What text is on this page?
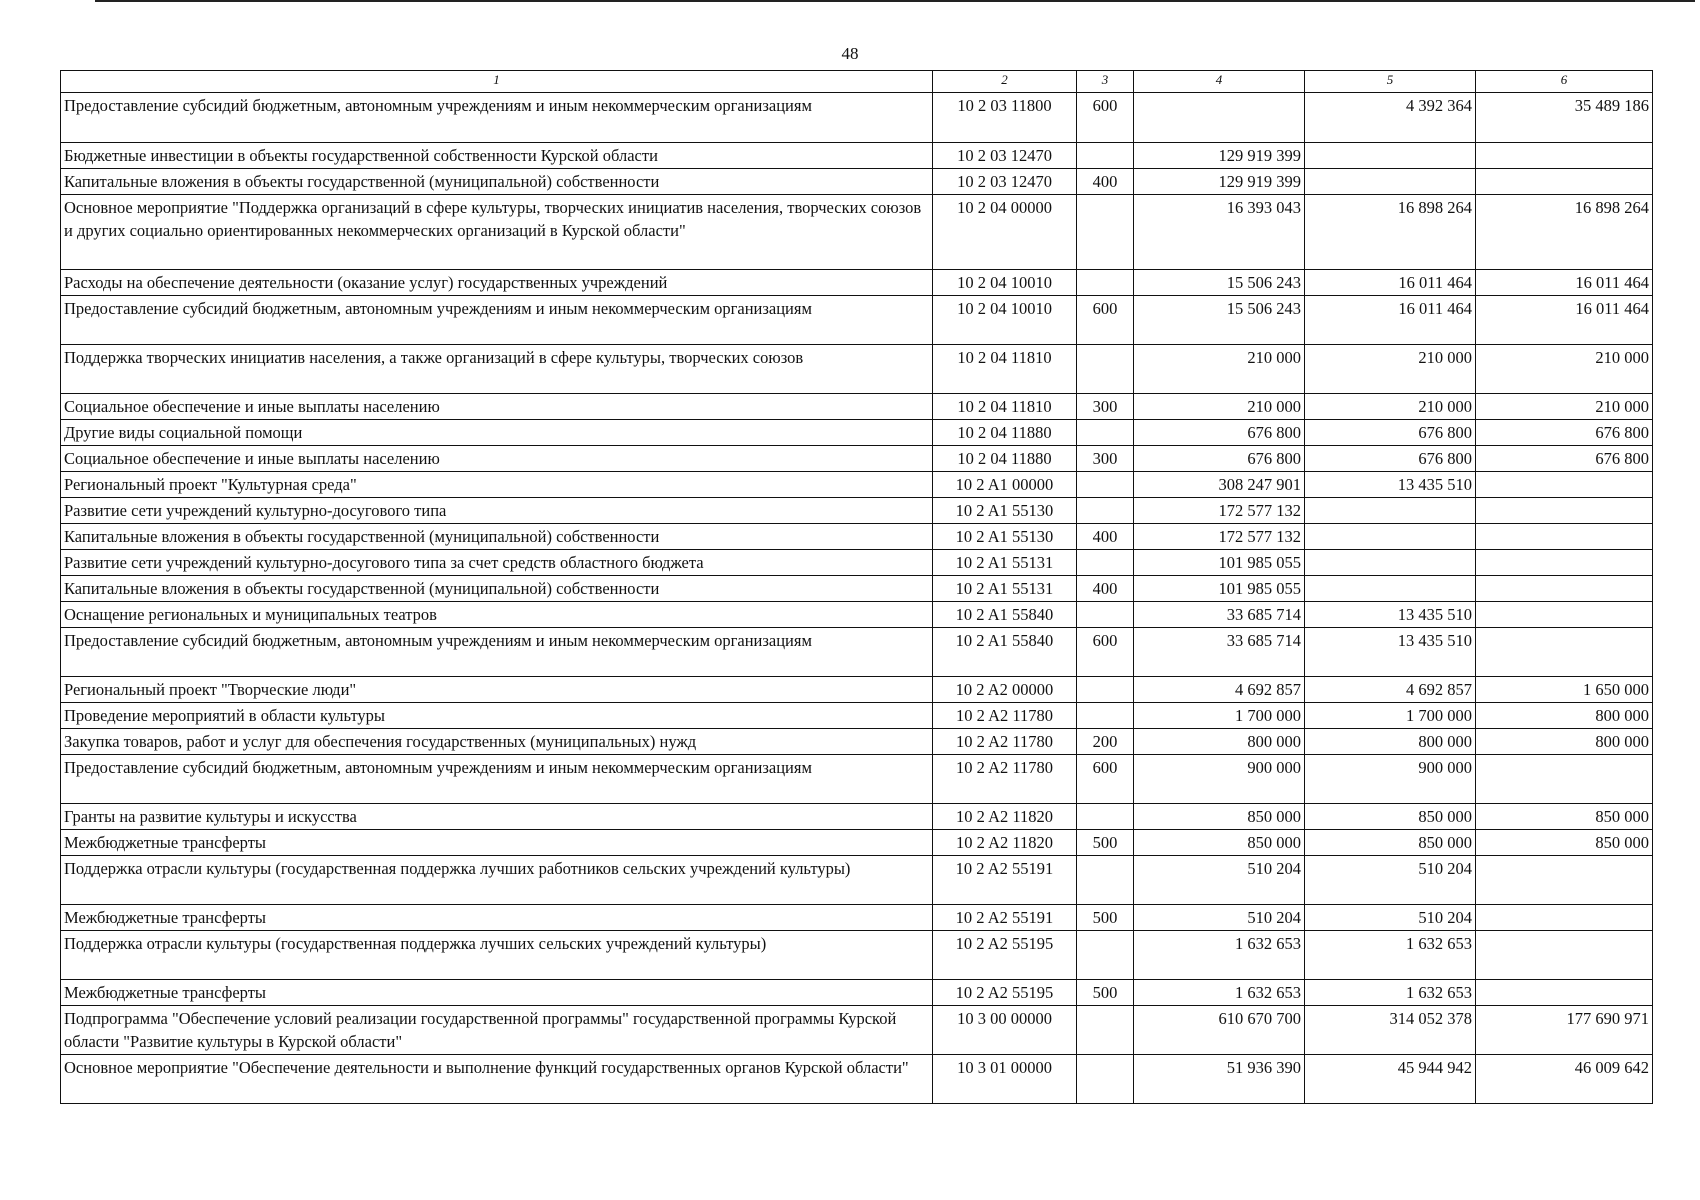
48
1	2	3	4	5	6
Предоставление субсидий бюджетным, автономным учреждениям и иным некоммерческим организациям	10 2 03 11800	600		4 392 364	35 489 186
Бюджетные инвестиции в объекты государственной собственности Курской области	10 2 03 12470		129 919 399		
Капитальные вложения в объекты государственной (муниципальной) собственности	10 2 03 12470	400	129 919 399		
Основное мероприятие "Поддержка организаций в сфере культуры, творческих инициатив населения, творческих союзов и других социально ориентированных некоммерческих организаций в Курской области"	10 2 04 00000		16 393 043	16 898 264	16 898 264
Расходы на обеспечение деятельности (оказание услуг) государственных учреждений	10 2 04 10010		15 506 243	16 011 464	16 011 464
Предоставление субсидий бюджетным, автономным учреждениям и иным некоммерческим организациям	10 2 04 10010	600	15 506 243	16 011 464	16 011 464
Поддержка творческих инициатив населения, а также организаций в сфере культуры, творческих союзов	10 2 04 11810		210 000	210 000	210 000
Социальное обеспечение и иные выплаты населению	10 2 04 11810	300	210 000	210 000	210 000
Другие виды социальной помощи	10 2 04 11880		676 800	676 800	676 800
Социальное обеспечение и иные выплаты населению	10 2 04 11880	300	676 800	676 800	676 800
Региональный проект "Культурная среда"	10 2 A1 00000		308 247 901	13 435 510	
Развитие сети учреждений культурно-досугового типа	10 2 A1 55130		172 577 132		
Капитальные вложения в объекты государственной (муниципальной) собственности	10 2 A1 55130	400	172 577 132		
Развитие сети учреждений культурно-досугового типа за счет средств областного бюджета	10 2 A1 55131		101 985 055		
Капитальные вложения в объекты государственной (муниципальной) собственности	10 2 A1 55131	400	101 985 055		
Оснащение региональных и муниципальных театров	10 2 A1 55840		33 685 714	13 435 510	
Предоставление субсидий бюджетным, автономным учреждениям и иным некоммерческим организациям	10 2 A1 55840	600	33 685 714	13 435 510	
Региональный проект "Творческие люди"	10 2 A2 00000		4 692 857	4 692 857	1 650 000
Проведение мероприятий в области культуры	10 2 A2 11780		1 700 000	1 700 000	800 000
Закупка товаров, работ и услуг для обеспечения государственных (муниципальных) нужд	10 2 A2 11780	200	800 000	800 000	800 000
Предоставление субсидий бюджетным, автономным учреждениям и иным некоммерческим организациям	10 2 A2 11780	600	900 000	900 000	
Гранты на развитие культуры и искусства	10 2 A2 11820		850 000	850 000	850 000
Межбюджетные трансферты	10 2 A2 11820	500	850 000	850 000	850 000
Поддержка отрасли культуры (государственная поддержка лучших работников сельских учреждений культуры)	10 2 A2 55191		510 204	510 204	
Межбюджетные трансферты	10 2 A2 55191	500	510 204	510 204	
Поддержка отрасли культуры (государственная поддержка лучших сельских учреждений культуры)	10 2 A2 55195		1 632 653	1 632 653	
Межбюджетные трансферты	10 2 A2 55195	500	1 632 653	1 632 653	
Подпрограмма "Обеспечение условий реализации государственной программы" государственной программы Курской области "Развитие культуры в Курской области"	10 3 00 00000		610 670 700	314 052 378	177 690 971
Основное мероприятие "Обеспечение деятельности и выполнение функций государственных органов Курской области"	10 3 01 00000		51 936 390	45 944 942	46 009 642
